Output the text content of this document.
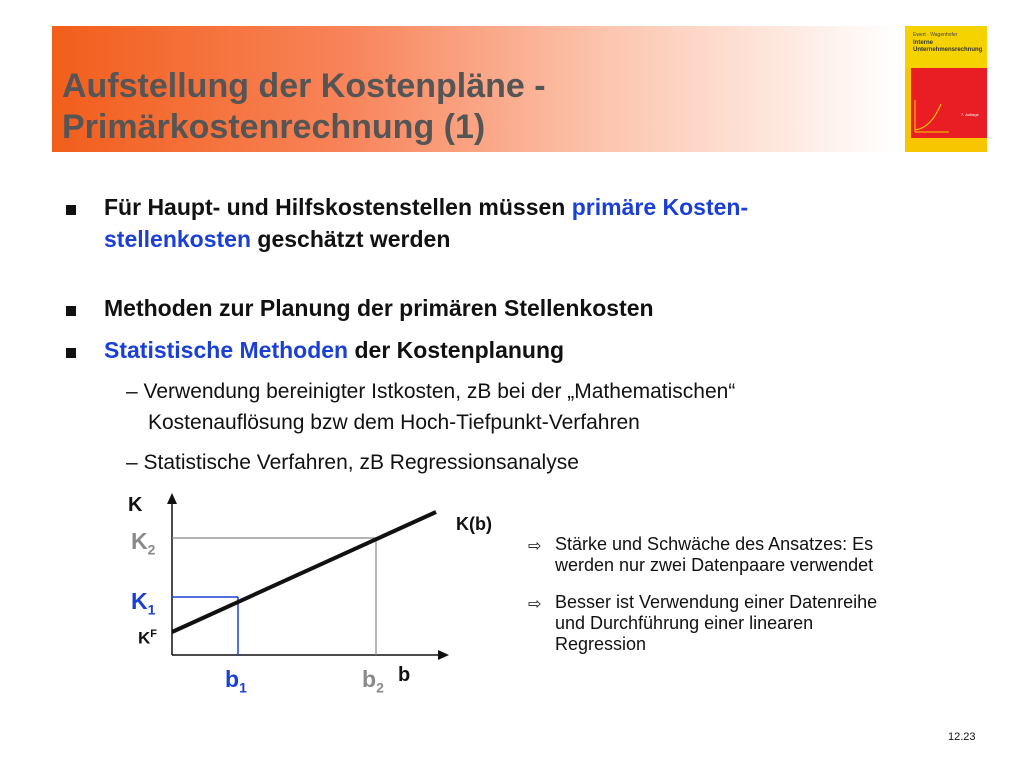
Aufstellung der Kostenpläne -
Primärkostenrechnung (1)
Ewert · Wagenhofer
Interne
Unternehmensrechnung
7. Auflage

Für Haupt- und Hilfskostenstellen müssen primäre Kosten-

stellenkosten geschätzt werden

Methoden zur Planung der primären Stellenkosten

Statistische Methoden der Kostenplanung

– Verwendung bereinigter Istkosten, zB bei der „Mathematischen“

Kostenauflösung bzw dem Hoch-Tiefpunkt-Verfahren

– Statistische Verfahren, zB Regressionsanalyse

K

b

K(b)

$K_2$

$K_1$

$K^F$

$b_1$	$b_2$

⇨ Stärke und Schwäche des Ansatzes: Es

werden nur zwei Datenpaare verwendet

⇨ Besser ist Verwendung einer Datenreihe

und Durchführung einer linearen

Regression

12.23
